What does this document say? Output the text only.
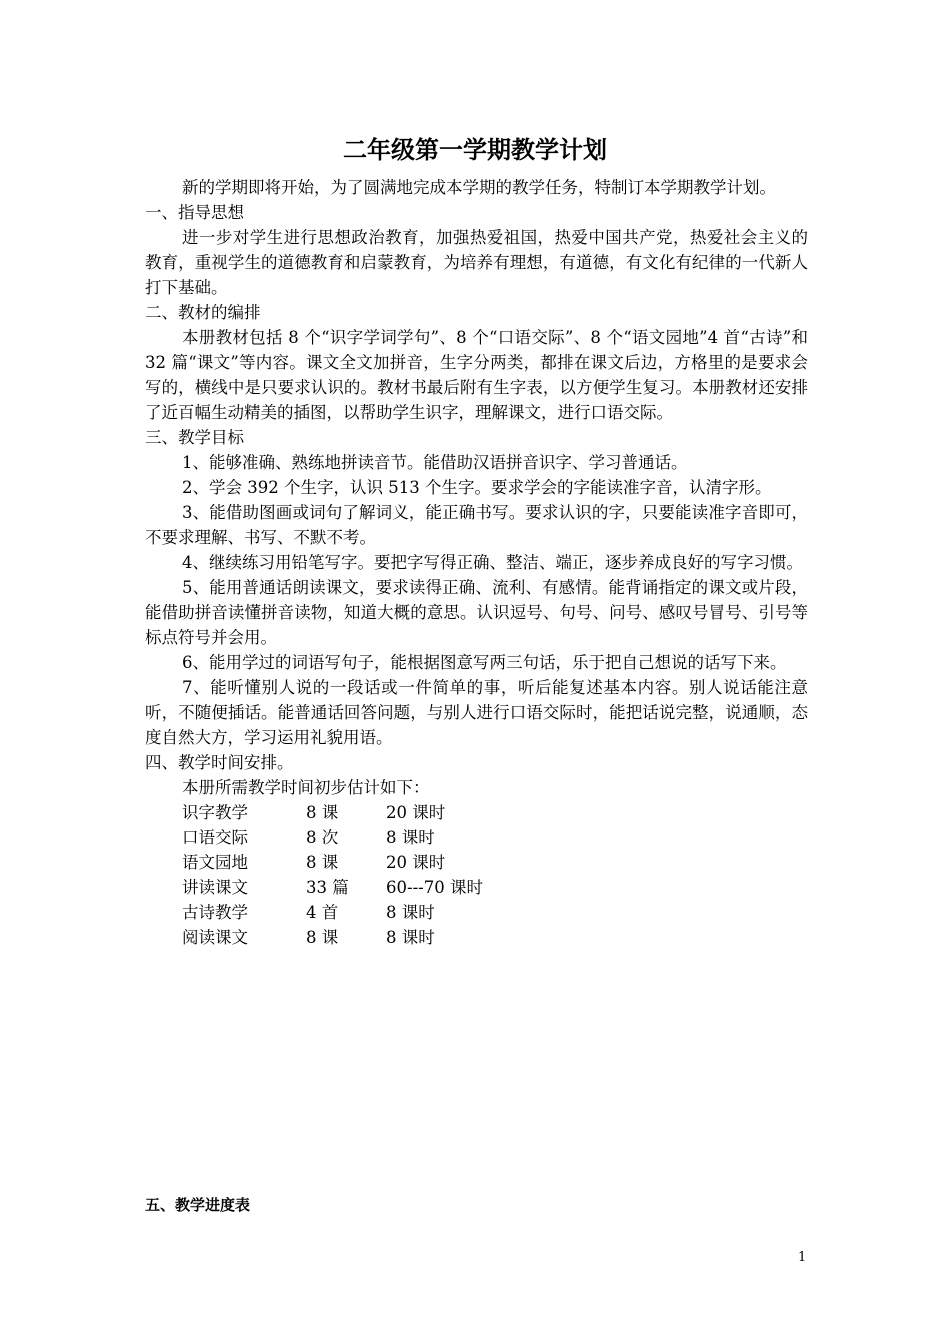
二年级第一学期教学计划

新的学期即将开始，为了圆满地完成本学期的教学任务，特制订本学期教学计划。

一、指导思想

进一步对学生进行思想政治教育，加强热爱祖国，热爱中国共产党，热爱社会主义的教育，重视学生的道德教育和启蒙教育，为培养有理想，有道德，有文化有纪律的一代新人打下基础。

二、教材的编排

本册教材包括 8 个“识字学词学句”、8 个“口语交际”、8 个“语文园地”4 首“古诗”和 32 篇“课文”等内容。课文全文加拼音，生字分两类，都排在课文后边，方格里的是要求会写的，横线中是只要求认识的。教材书最后附有生字表，以方便学生复习。本册教材还安排了近百幅生动精美的插图，以帮助学生识字，理解课文，进行口语交际。

三、教学目标

1、能够准确、熟练地拼读音节。能借助汉语拼音识字、学习普通话。

2、学会 392 个生字，认识 513 个生字。要求学会的字能读准字音，认清字形。

3、能借助图画或词句了解词义，能正确书写。要求认识的字，只要能读准字音即可，不要求理解、书写、不默不考。

4、继续练习用铅笔写字。要把字写得正确、整洁、端正，逐步养成良好的写字习惯。

5、能用普通话朗读课文，要求读得正确、流利、有感情。能背诵指定的课文或片段，能借助拼音读懂拼音读物，知道大概的意思。认识逗号、句号、问号、感叹号冒号、引号等标点符号并会用。

6、能用学过的词语写句子，能根据图意写两三句话，乐于把自己想说的话写下来。

7、能听懂别人说的一段话或一件简单的事，听后能复述基本内容。别人说话能注意听，不随便插话。能普通话回答问题，与别人进行口语交际时，能把话说完整，说通顺，态度自然大方，学习运用礼貌用语。

四、教学时间安排。

本册所需教学时间初步估计如下：

识字教学	8 课	20 课时
口语交际	8 次	8 课时
语文园地	8 课	20 课时
讲读课文	33 篇	60---70 课时
古诗教学	4 首	8 课时
阅读课文	8 课	8 课时
五、教学进度表
1
